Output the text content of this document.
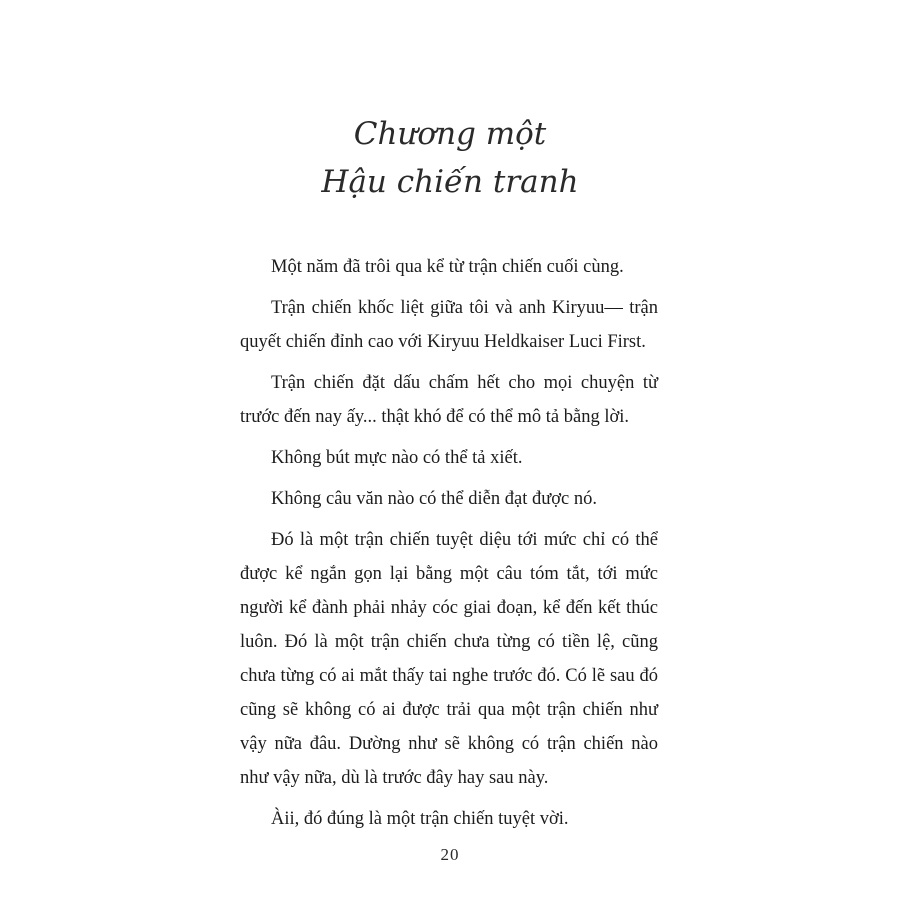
Chương một
Hậu chiến tranh

Một năm đã trôi qua kể từ trận chiến cuối cùng.

Trận chiến khốc liệt giữa tôi và anh Kiryuu— trận quyết chiến đỉnh cao với Kiryuu Heldkaiser Luci First.

Trận chiến đặt dấu chấm hết cho mọi chuyện từ trước đến nay ấy... thật khó để có thể mô tả bằng lời.

Không bút mực nào có thể tả xiết.

Không câu văn nào có thể diễn đạt được nó.

Đó là một trận chiến tuyệt diệu tới mức chỉ có thể được kể ngắn gọn lại bằng một câu tóm tắt, tới mức người kể đành phải nhảy cóc giai đoạn, kể đến kết thúc luôn. Đó là một trận chiến chưa từng có tiền lệ, cũng chưa từng có ai mắt thấy tai nghe trước đó. Có lẽ sau đó cũng sẽ không có ai được trải qua một trận chiến như vậy nữa đâu. Dường như sẽ không có trận chiến nào như vậy nữa, dù là trước đây hay sau này.

Àii, đó đúng là một trận chiến tuyệt vời.

20
